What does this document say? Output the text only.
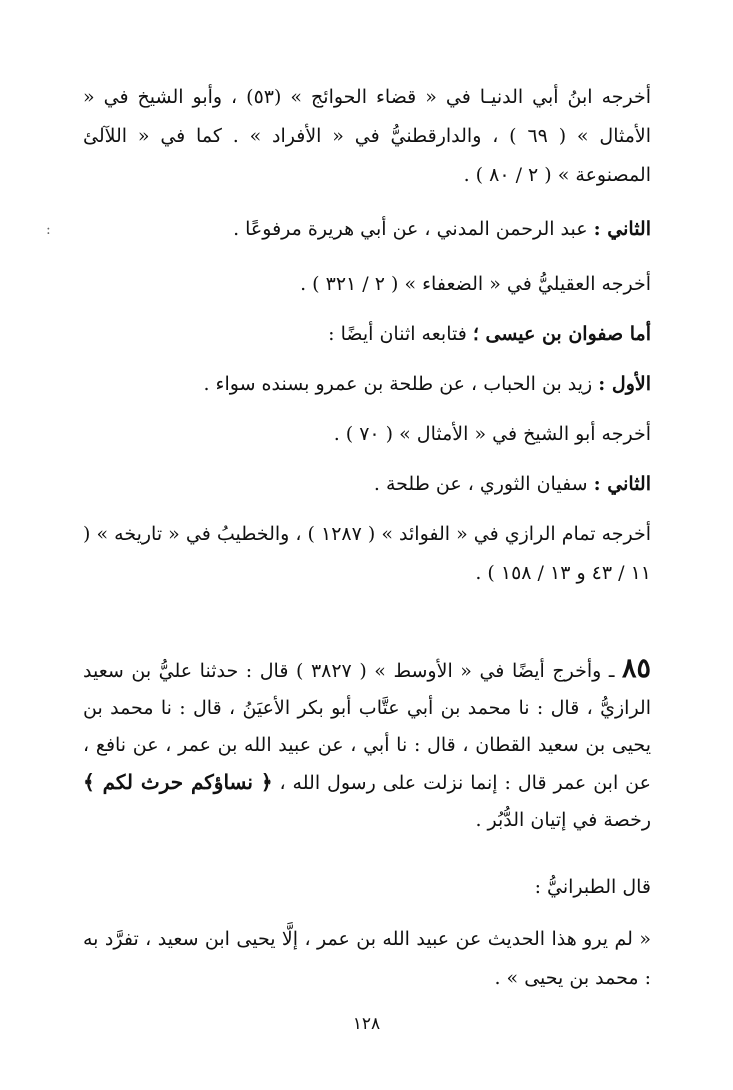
أخرجه ابنُ أبي الدنيـا في « قضاء الحوائج » (٥٣) ، وأبو الشيخ في « الأمثال » ( ٦٩ ) ، والدارقطنيُّ في « الأفراد » . كما في « اللآلئ المصنوعة » ( ٢ / ٨٠ ) .
الثاني : عبد الرحمن المدني ، عن أبي هريرة مرفوعًا .
أخرجه العقيليُّ في « الضعفاء » ( ٢ / ٣٢١ ) .
أما صفوان بن عيسى ؛ فتابعه اثنان أيضًا :
الأول : زيد بن الحباب ، عن طلحة بن عمرو بسنده سواء .
أخرجه أبو الشيخ في « الأمثال » ( ٧٠ ) .
الثاني : سفيان الثوري ، عن طلحة .
أخرجه تمام الرازي في « الفوائد » ( ١٢٨٧ ) ، والخطيبُ في « تاريخه » ( ١١ / ٤٣ و ١٣ / ١٥٨ ) .
٨٥ ـ وأخرج أيضًا في « الأوسط » ( ٣٨٢٧ ) قال : حدثنا عليُّ بن سعيد الرازيُّ ، قال : نا محمد بن أبي عتَّاب أبو بكر الأعيَنُ ، قال : نا محمد بن يحيى بن سعيد القطان ، قال : نا أبي ، عن عبيد الله بن عمر ، عن نافع ، عن ابن عمر قال : إنما نزلت على رسول الله ، ﴿ نساؤكم حرث لكم ﴾ رخصة في إتيان الدُّبُر .
قال الطبرانيُّ :
« لم يرو هذا الحديث عن عبيد الله بن عمر ، إلَّا يحيى ابن سعيد ، تفرَّد به : محمد بن يحيى » .
:
١٢٨
